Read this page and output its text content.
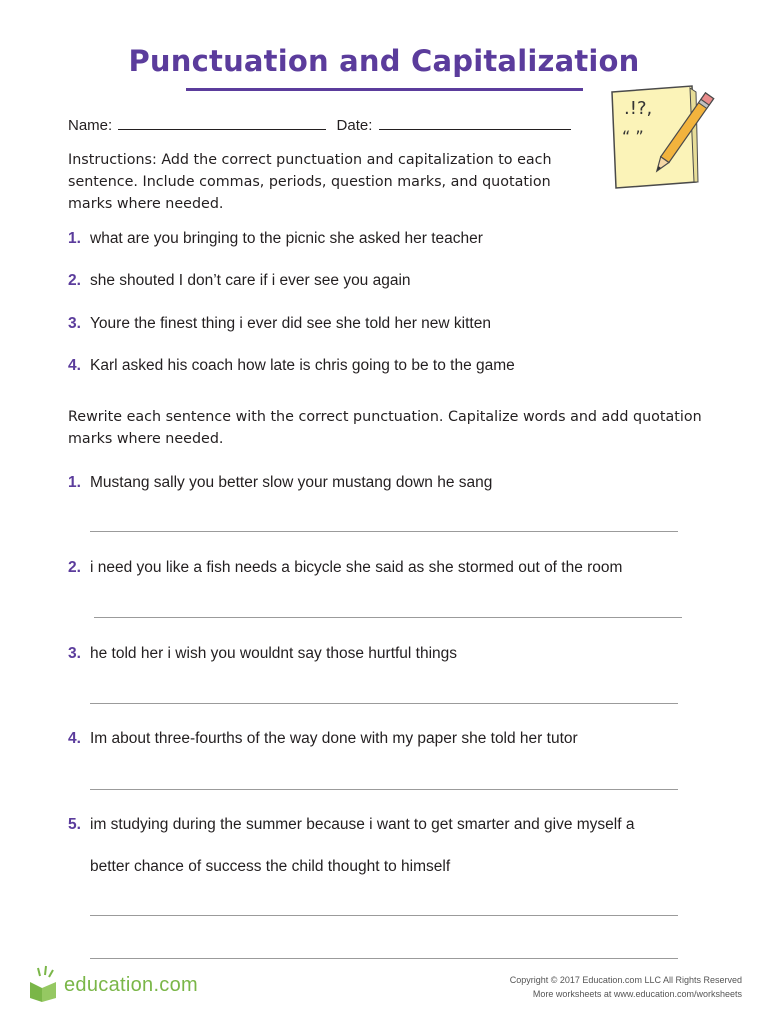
Punctuation and Capitalization
Name:	Date:
.!?,
“ ”
Instructions: Add the correct punctuation and capitalization to each sentence. Include commas, periods, question marks, and quotation marks where needed.
1. what are you bringing to the picnic she asked her teacher
2. she shouted I don’t care if i ever see you again
3. Youre the finest thing i ever did see she told her new kitten
4. Karl asked his coach how late is chris going to be to the game
Rewrite each sentence with the correct punctuation. Capitalize words and add quotation marks where needed.
1. Mustang sally you better slow your mustang down he sang
2. i need you like a fish needs a bicycle she said as she stormed out of the room
3. he told her i wish you wouldnt say those hurtful things
4. Im about three-fourths of the way done with my paper she told her tutor
5. im studying during the summer because i want to get smarter and give myself a
better chance of success the child thought to himself
education.com	Copyright © 2017 Education.com LLC All Rights Reserved
More worksheets at www.education.com/worksheets
